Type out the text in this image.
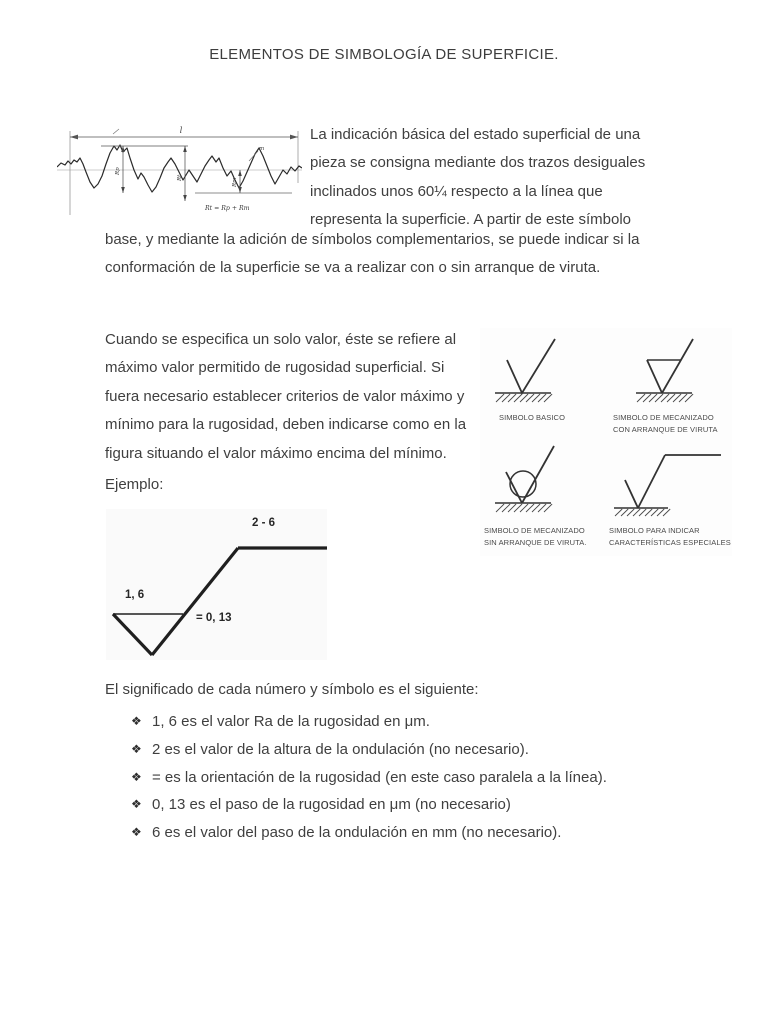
ELEMENTOS DE SIMBOLOGÍA DE SUPERFICIE.
l
Rp
Rt	Rm
m
Rt = Rp + Rm
La indicación básica del estado superficial de una
pieza se consigna mediante dos trazos desiguales
inclinados unos 60¼ respecto a la línea que
representa la superficie. A partir de este símbolo
base, y mediante la adición de símbolos complementarios, se puede indicar si la
conformación de la superficie se va a realizar con o sin arranque de viruta.
Cuando se especifica un solo valor, éste se refiere al
máximo valor permitido de rugosidad superficial. Si
fuera necesario establecer criterios de valor máximo y
mínimo para la rugosidad, deben indicarse como en la
figura situando el valor máximo encima del mínimo.
SIMBOLO BASICO	SIMBOLO DE MECANIZADO
CON ARRANQUE DE VIRUTA
SIMBOLO DE MECANIZADO
SIN ARRANQUE DE VIRUTA.
SIMBOLO PARA INDICAR
CARACTERÍSTICAS ESPECIALES
Ejemplo:
2 - 6
1, 6
= 0, 13
El significado de cada número y símbolo es el siguiente:
❖ 1, 6 es el valor Ra de la rugosidad en μm.
❖ 2 es el valor de la altura de la ondulación (no necesario).
❖ = es la orientación de la rugosidad (en este caso paralela a la línea).
❖ 0, 13 es el paso de la rugosidad en μm (no necesario)
❖ 6 es el valor del paso de la ondulación en mm (no necesario).
